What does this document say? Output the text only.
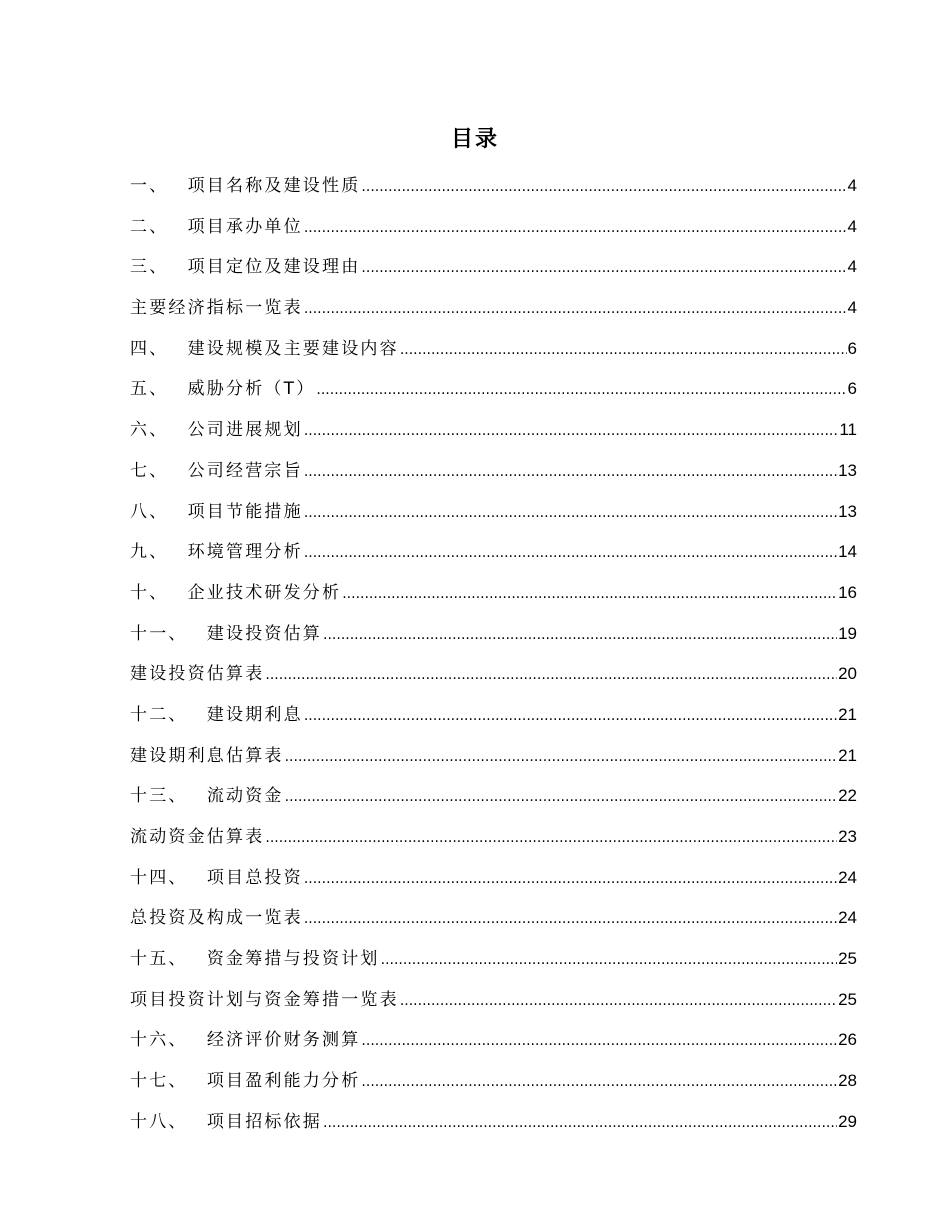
目录
一、  项目名称及建设性质 .....	4
二、  项目承办单位 .....	4
三、  项目定位及建设理由 .....	4
主要经济指标一览表 .....	4
四、  建设规模及主要建设内容 .....	6
五、  威胁分析（T） .....	6
六、  公司进展规划 .....	11
七、  公司经营宗旨 .....	13
八、  项目节能措施 .....	13
九、  环境管理分析 .....	14
十、  企业技术研发分析 .....	16
十一、  建设投资估算 .....	19
建设投资估算表 .....	20
十二、  建设期利息 .....	21
建设期利息估算表 .....	21
十三、  流动资金 .....	22
流动资金估算表 .....	23
十四、  项目总投资 .....	24
总投资及构成一览表 .....	24
十五、  资金筹措与投资计划 .....	25
项目投资计划与资金筹措一览表 .....	25
十六、  经济评价财务测算 .....	26
十七、  项目盈利能力分析 .....	28
十八、  项目招标依据 .....	29
